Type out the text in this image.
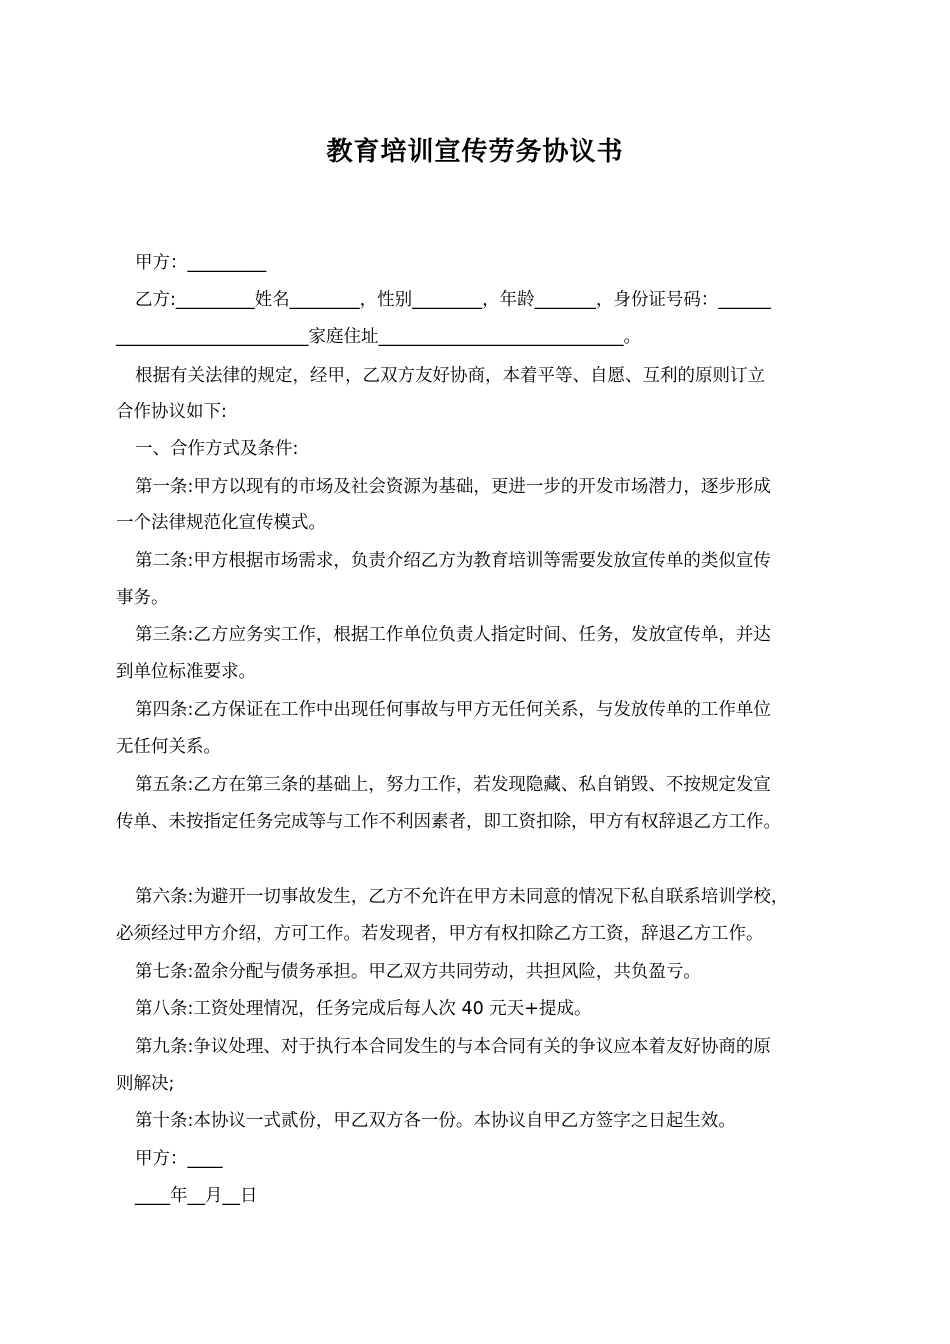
教育培训宣传劳务协议书
甲方：_________
乙方:_________姓名________，性别________，年龄_______，身份证号码：______
______________________家庭住址____________________________。
根据有关法律的规定，经甲，乙双方友好协商，本着平等、自愿、互利的原则订立
合作协议如下:
一、合作方式及条件:
第一条:甲方以现有的市场及社会资源为基础，更进一步的开发市场潜力，逐步形成
一个法律规范化宣传模式。
第二条:甲方根据市场需求，负责介绍乙方为教育培训等需要发放宣传单的类似宣传
事务。
第三条:乙方应务实工作，根据工作单位负责人指定时间、任务，发放宣传单，并达
到单位标准要求。
第四条:乙方保证在工作中出现任何事故与甲方无任何关系，与发放传单的工作单位
无任何关系。
第五条:乙方在第三条的基础上，努力工作，若发现隐藏、私自销毁、不按规定发宣
传单、未按指定任务完成等与工作不利因素者，即工资扣除，甲方有权辞退乙方工作。
第六条:为避开一切事故发生，乙方不允许在甲方未同意的情况下私自联系培训学校，
必须经过甲方介绍，方可工作。若发现者，甲方有权扣除乙方工资，辞退乙方工作。
第七条:盈余分配与债务承担。甲乙双方共同劳动，共担风险，共负盈亏。
第八条:工资处理情况，任务完成后每人次 40 元天+提成。
第九条:争议处理、对于执行本合同发生的与本合同有关的争议应本着友好协商的原
则解决;
第十条:本协议一式贰份，甲乙双方各一份。本协议自甲乙方签字之日起生效。
甲方：____
____年__月__日
